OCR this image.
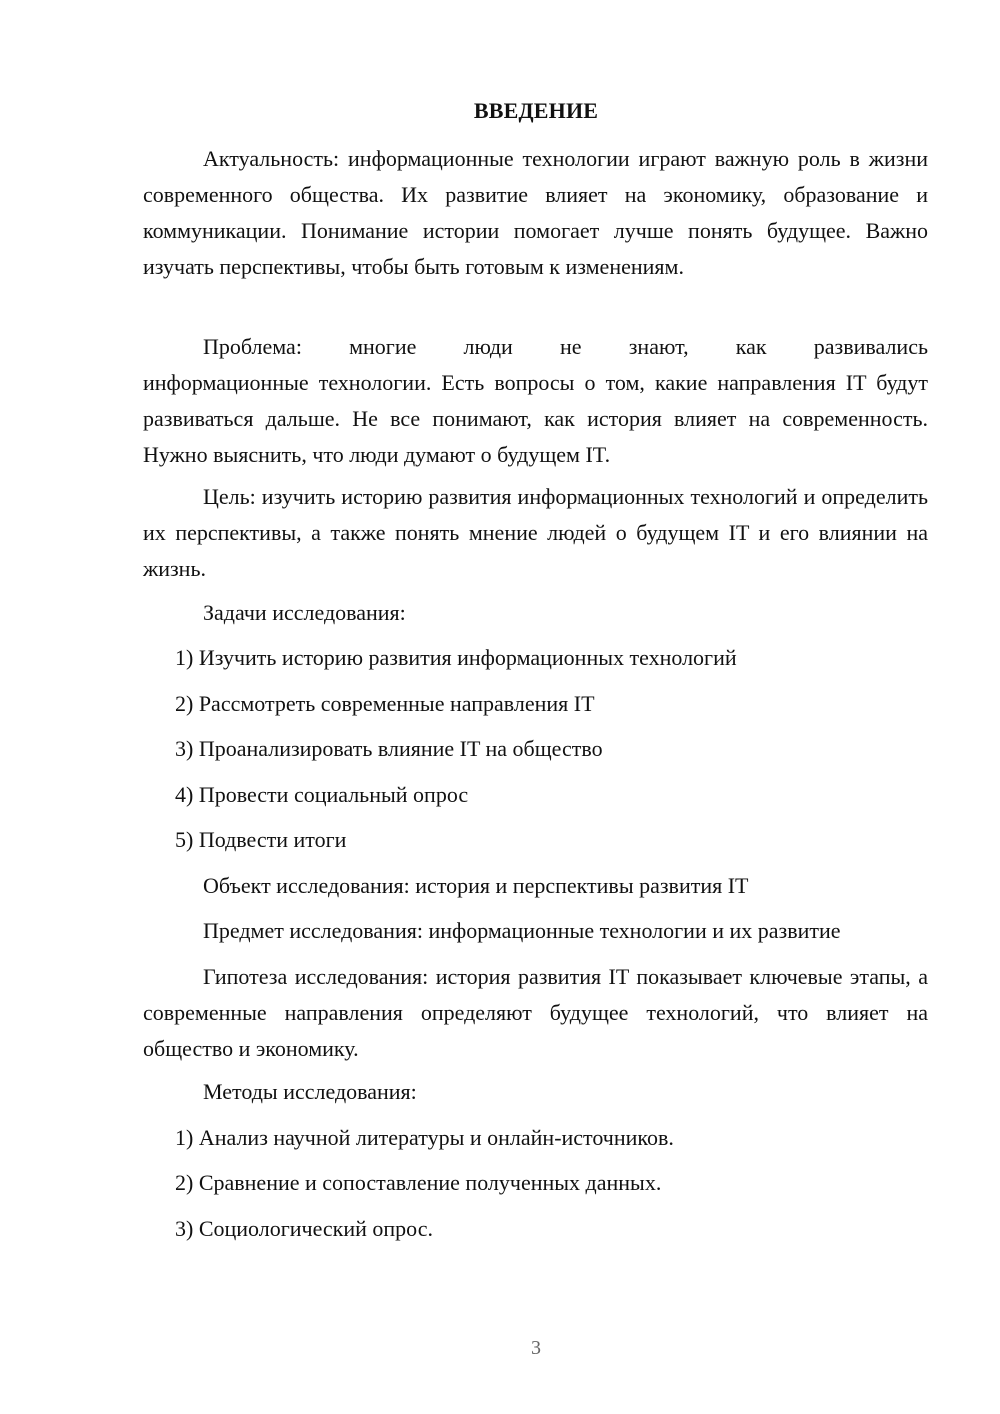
ВВЕДЕНИЕ

Актуальность: информационные технологии играют важную роль в жизни современного общества. Их развитие влияет на экономику, образование и коммуникации. Понимание истории помогает лучше понять будущее. Важно изучать перспективы, чтобы быть готовым к изменениям.

Проблема: многие люди не знают, как развивались

информационные технологии. Есть вопросы о том, какие направления IT будут развиваться дальше. Не все понимают, как история влияет на современность. Нужно выяснить, что люди думают о будущем IT.

Цель: изучить историю развития информационных технологий и определить их перспективы, а также понять мнение людей о будущем IT и его влиянии на жизнь.

Задачи исследования:

1) Изучить историю развития информационных технологий

2) Рассмотреть современные направления IT

3) Проанализировать влияние IT на общество

4) Провести социальный опрос

5) Подвести итоги

Объект исследования: история и перспективы развития IT

Предмет исследования: информационные технологии и их развитие

Гипотеза исследования: история развития IT показывает ключевые этапы, а современные направления определяют будущее технологий, что влияет на общество и экономику.

Методы исследования:

1) Анализ научной литературы и онлайн-источников.

2) Сравнение и сопоставление полученных данных.

3) Социологический опрос.

3
